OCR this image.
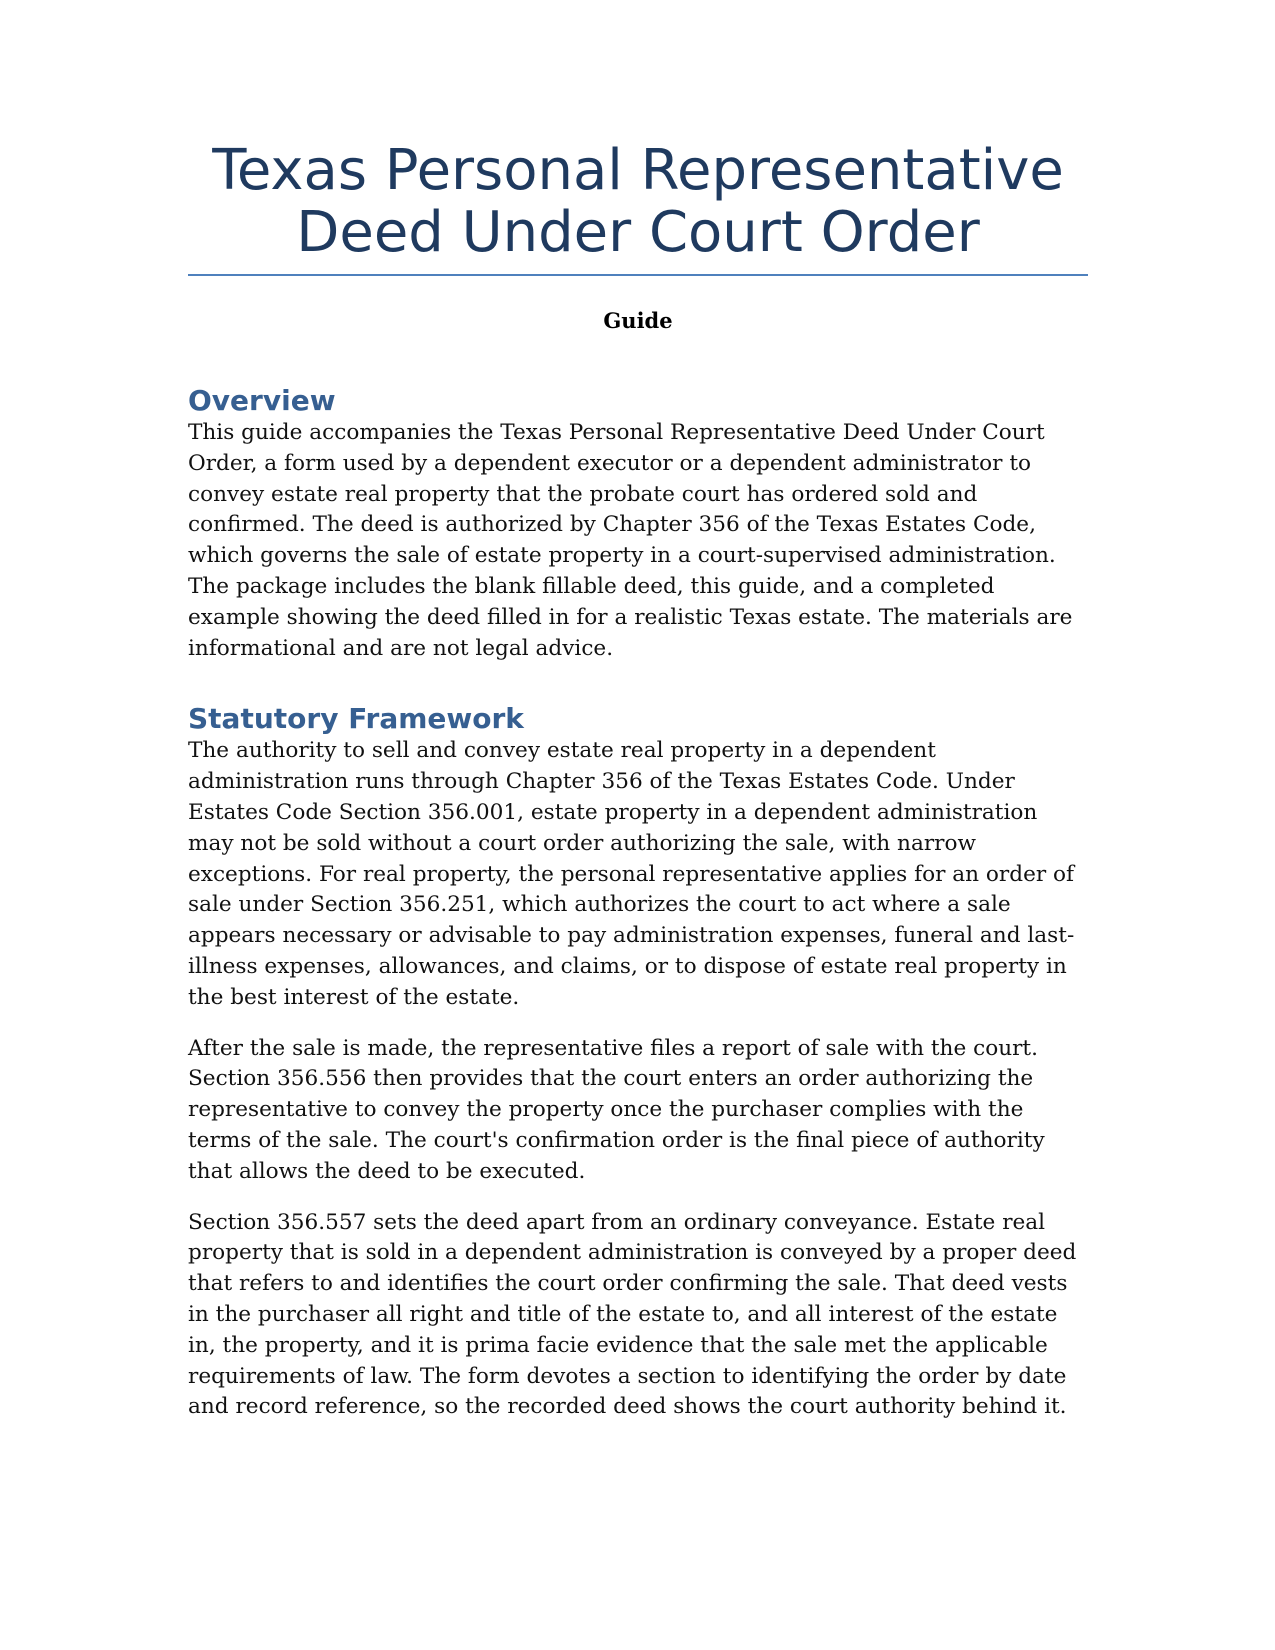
Texas Personal Representative
Deed Under Court Order
Guide
Overview

This guide accompanies the Texas Personal Representative Deed Under Court Order, a form used by a dependent executor or a dependent administrator to convey estate real property that the probate court has ordered sold and confirmed. The deed is authorized by Chapter 356 of the Texas Estates Code, which governs the sale of estate property in a court-supervised administration. The package includes the blank fillable deed, this guide, and a completed example showing the deed filled in for a realistic Texas estate. The materials are informational and are not legal advice.

Statutory Framework

The authority to sell and convey estate real property in a dependent administration runs through Chapter 356 of the Texas Estates Code. Under Estates Code Section 356.001, estate property in a dependent administration may not be sold without a court order authorizing the sale, with narrow exceptions. For real property, the personal representative applies for an order of sale under Section 356.251, which authorizes the court to act where a sale appears necessary or advisable to pay administration expenses, funeral and last-illness expenses, allowances, and claims, or to dispose of estate real property in the best interest of the estate.

After the sale is made, the representative files a report of sale with the court. Section 356.556 then provides that the court enters an order authorizing the representative to convey the property once the purchaser complies with the terms of the sale. The court's confirmation order is the final piece of authority that allows the deed to be executed.

Section 356.557 sets the deed apart from an ordinary conveyance. Estate real property that is sold in a dependent administration is conveyed by a proper deed that refers to and identifies the court order confirming the sale. That deed vests in the purchaser all right and title of the estate to, and all interest of the estate in, the property, and it is prima facie evidence that the sale met the applicable requirements of law. The form devotes a section to identifying the order by date and record reference, so the recorded deed shows the court authority behind it.
